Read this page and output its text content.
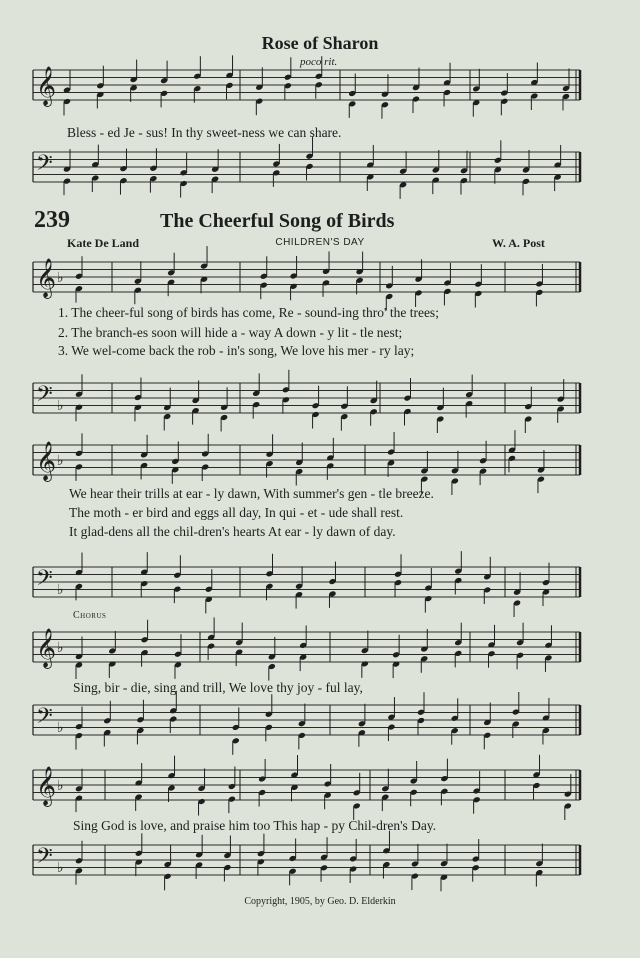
𝄞
𝄢
𝄞 ♭
𝄢 ♭
𝄞 ♭
𝄢 ♭
𝄞 ♭
𝄢 ♭
𝄞 ♭
𝄢 ♭
Rose of Sharon
poco rit.
Bless - ed Je - sus! In thy sweet-ness we can share.
239	The Cheerful Song of Birds
Kate De Land	CHILDREN'S DAY	W. A. Post
1. The cheer-ful song of birds has come, Re - sound-ing thro' the trees;
2. The branch-es soon will hide a - way A down - y lit - tle nest;
3. We wel-come back the rob - in's song, We love his mer - ry lay;
We hear their trills at ear - ly dawn, With summer's gen - tle breeze.
The moth - er bird and eggs all day, In qui - et - ude shall rest.
It glad-dens all the chil-dren's hearts At ear - ly dawn of day.
Chorus
Sing, bir - die, sing and trill, We love thy joy - ful lay,
Sing God is love, and praise him too This hap - py Chil-dren's Day.
Copyright, 1905, by Geo. D. Elderkin
